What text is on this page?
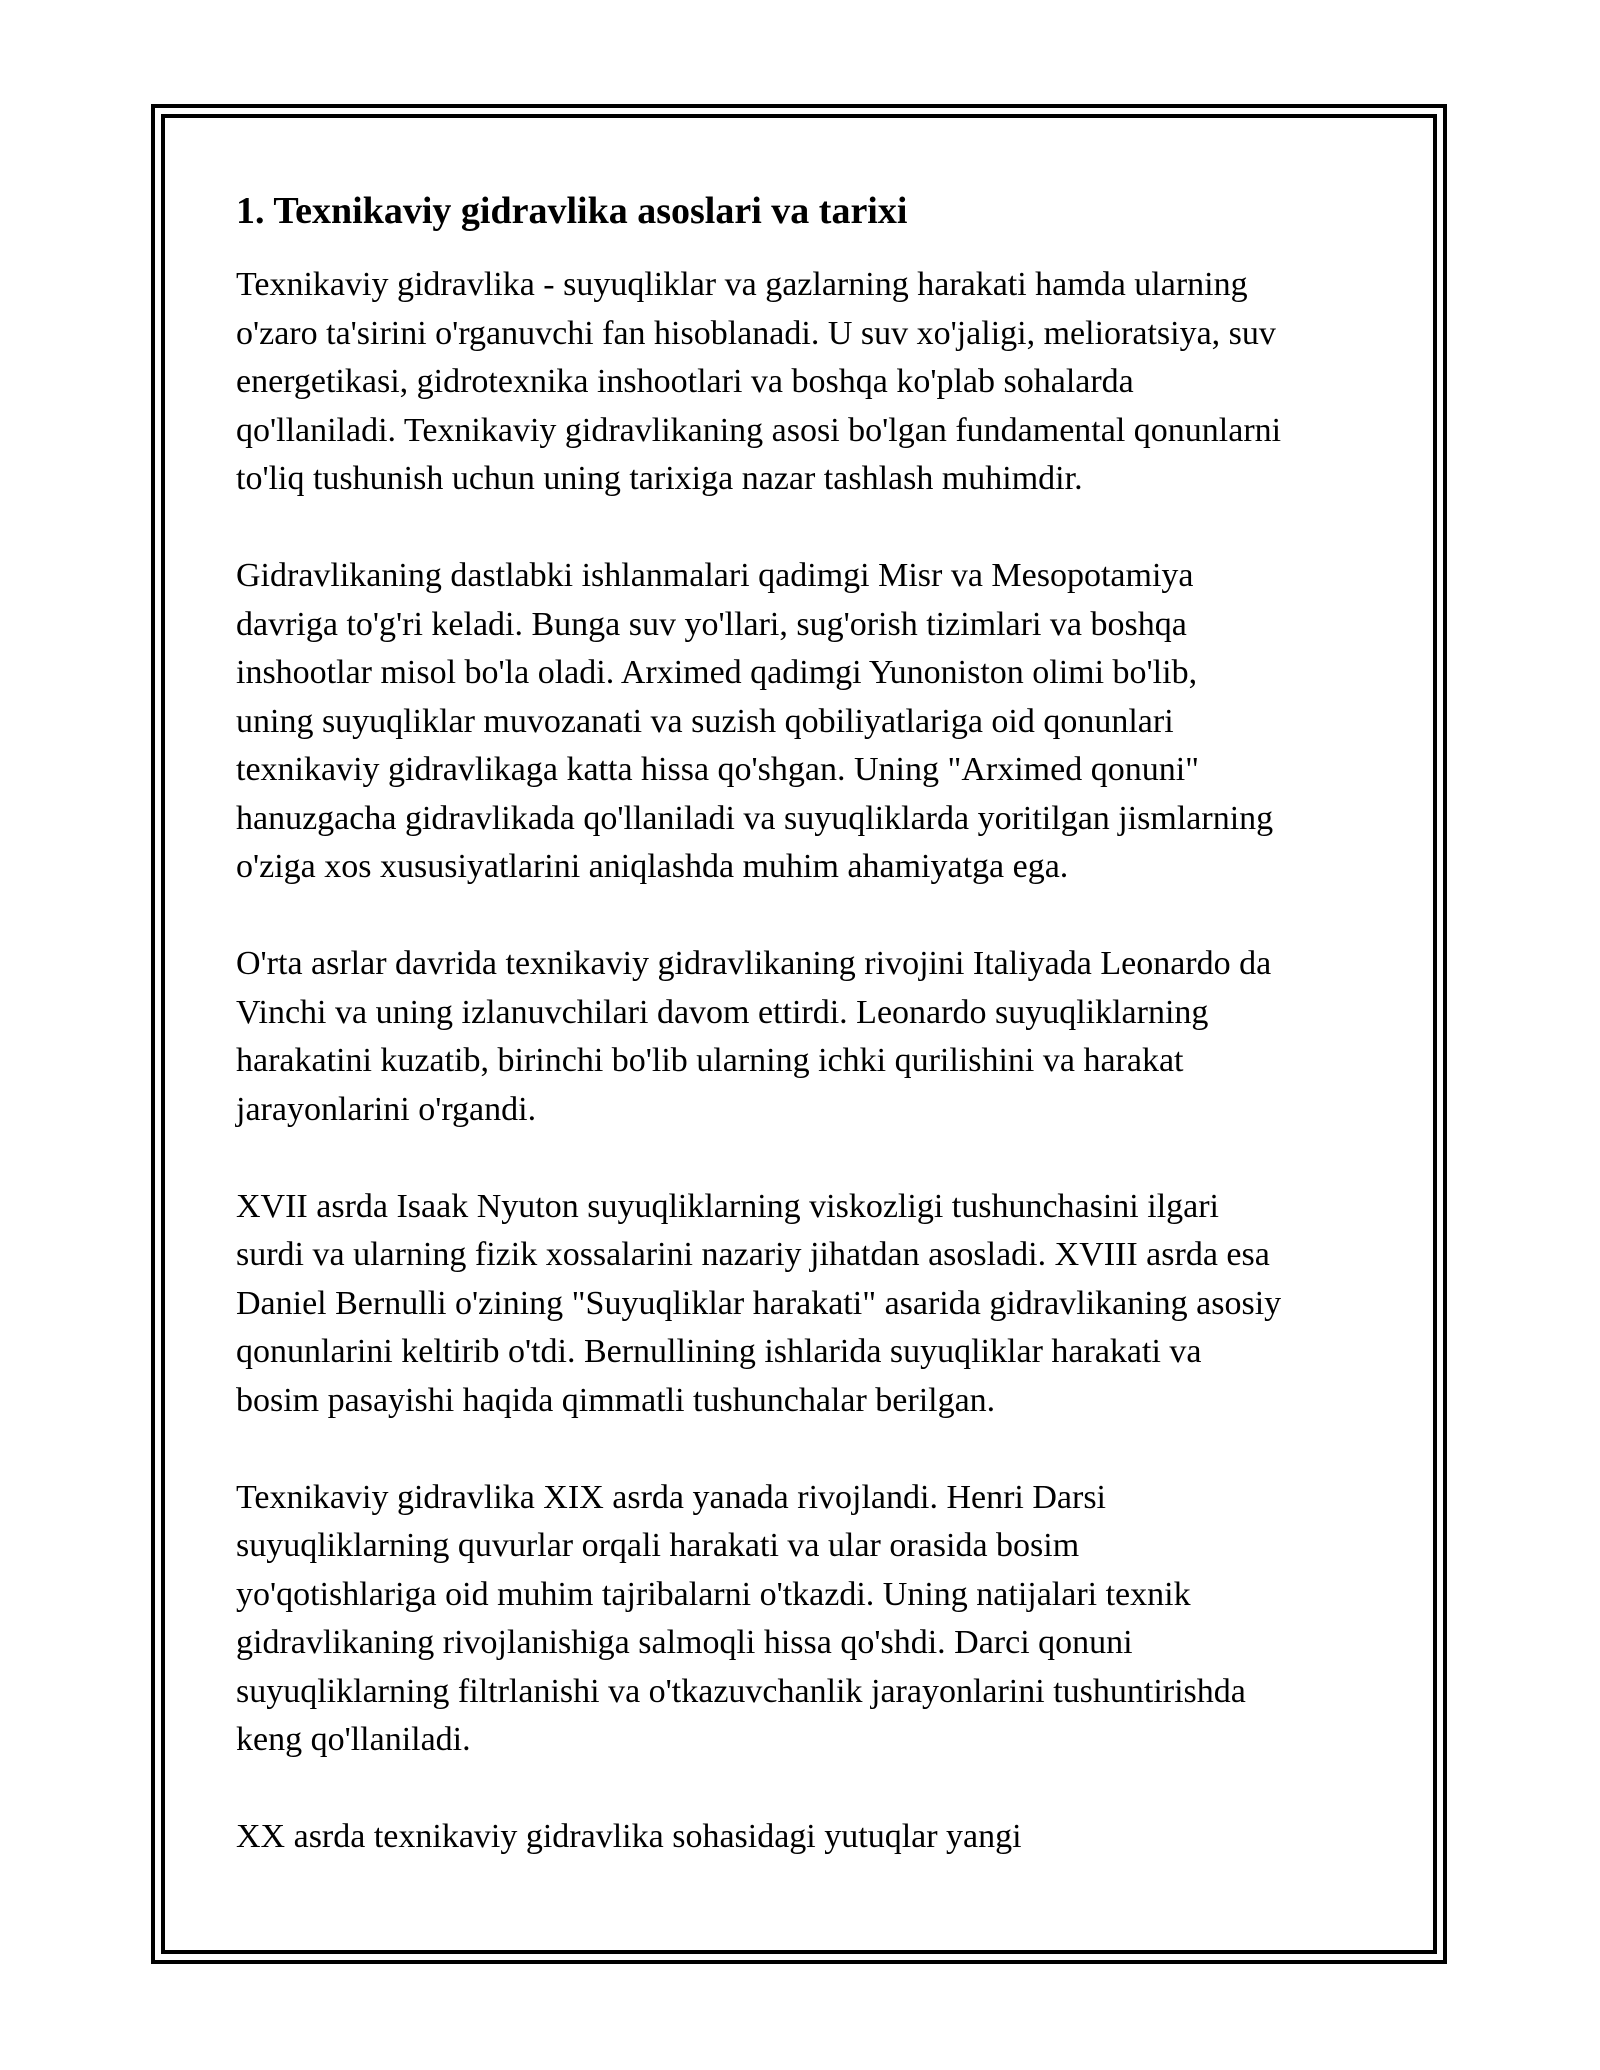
1. Texnikaviy gidravlika asoslari va tarixi

Texnikaviy gidravlika - suyuqliklar va gazlarning harakati hamda ularning
o'zaro ta'sirini o'rganuvchi fan hisoblanadi. U suv xo'jaligi, melioratsiya, suv
energetikasi, gidrotexnika inshootlari va boshqa ko'plab sohalarda
qo'llaniladi. Texnikaviy gidravlikaning asosi bo'lgan fundamental qonunlarni
to'liq tushunish uchun uning tarixiga nazar tashlash muhimdir.

Gidravlikaning dastlabki ishlanmalari qadimgi Misr va Mesopotamiya
davriga to'g'ri keladi. Bunga suv yo'llari, sug'orish tizimlari va boshqa
inshootlar misol bo'la oladi. Arximed qadimgi Yunoniston olimi bo'lib,
uning suyuqliklar muvozanati va suzish qobiliyatlariga oid qonunlari
texnikaviy gidravlikaga katta hissa qo'shgan. Uning "Arximed qonuni"
hanuzgacha gidravlikada qo'llaniladi va suyuqliklarda yoritilgan jismlarning
o'ziga xos xususiyatlarini aniqlashda muhim ahamiyatga ega.

O'rta asrlar davrida texnikaviy gidravlikaning rivojini Italiyada Leonardo da
Vinchi va uning izlanuvchilari davom ettirdi. Leonardo suyuqliklarning
harakatini kuzatib, birinchi bo'lib ularning ichki qurilishini va harakat
jarayonlarini o'rgandi.

XVII asrda Isaak Nyuton suyuqliklarning viskozligi tushunchasini ilgari
surdi va ularning fizik xossalarini nazariy jihatdan asosladi. XVIII asrda esa
Daniel Bernulli o'zining "Suyuqliklar harakati" asarida gidravlikaning asosiy
qonunlarini keltirib o'tdi. Bernullining ishlarida suyuqliklar harakati va
bosim pasayishi haqida qimmatli tushunchalar berilgan.

Texnikaviy gidravlika XIX asrda yanada rivojlandi. Henri Darsi
suyuqliklarning quvurlar orqali harakati va ular orasida bosim
yo'qotishlariga oid muhim tajribalarni o'tkazdi. Uning natijalari texnik
gidravlikaning rivojlanishiga salmoqli hissa qo'shdi. Darci qonuni
suyuqliklarning filtrlanishi va o'tkazuvchanlik jarayonlarini tushuntirishda
keng qo'llaniladi.

XX asrda texnikaviy gidravlika sohasidagi yutuqlar yangi
